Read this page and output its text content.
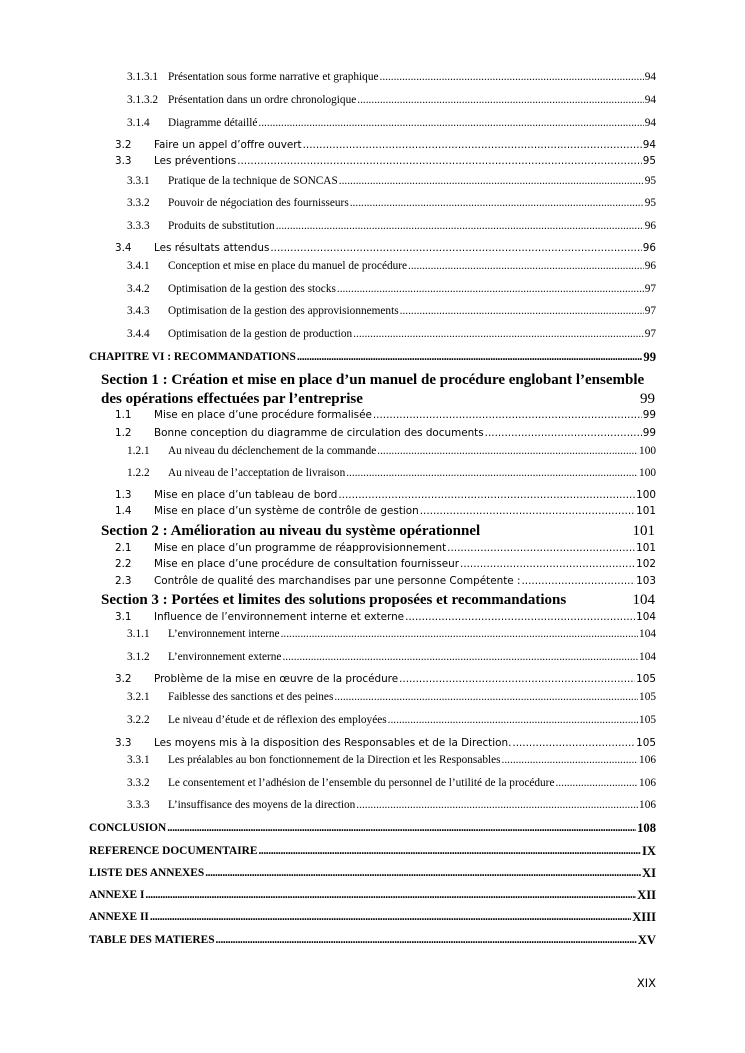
3.1.3.1 Présentation sous forme narrative et graphique .....	94
3.1.3.2 Présentation dans un ordre chronologique .....	94
3.1.4	Diagramme détaillé .....	94
3.2	Faire un appel d’offre ouvert .....	94
3.3	Les préventions .....	95
3.3.1	Pratique de la technique de SONCAS .....	95
3.3.2	Pouvoir de négociation des fournisseurs .....	95
3.3.3	Produits de substitution .....	96
3.4	Les résultats attendus .....	96
3.4.1	Conception et mise en place du manuel de procédure .....	96
3.4.2	Optimisation de la gestion des stocks .....	97
3.4.3	Optimisation de la gestion des approvisionnements .....	97
3.4.4	Optimisation de la gestion de production .....	97
CHAPITRE VI : RECOMMANDATIONS .....	99
Section 1 : Création et mise en place d’un manuel de procédure englobant l’ensemble
des opérations effectuées par l’entreprise	99
1.1	Mise en place d’une procédure formalisée .....	99
1.2	Bonne conception du diagramme de circulation des documents .....	99
1.2.1	Au niveau du déclenchement de la commande .....	100
1.2.2	Au niveau de l’acceptation de livraison .....	100
1.3	Mise en place d’un tableau de bord .....	100
1.4	Mise en place d’un système de contrôle de gestion .....	101
Section 2 : Amélioration au niveau du système opérationnel	101
2.1	Mise en place d’un programme de réapprovisionnement .....	101
2.2	Mise en place d’une procédure de consultation fournisseur .....	102
2.3	Contrôle de qualité des marchandises par une personne Compétente : .....	103
Section 3 : Portées et limites des solutions proposées et recommandations	104
3.1	Influence de l’environnement interne et externe .....	104
3.1.1	L’environnement interne .....	104
3.1.2	L’environnement externe .....	104
3.2	Problème de la mise en œuvre de la procédure .....	105
3.2.1	Faiblesse des sanctions et des peines .....	105
3.2.2	Le niveau d’étude et de réflexion des employées .....	105
3.3	Les moyens mis à la disposition des Responsables et de la Direction. .....	105
3.3.1	Les préalables au bon fonctionnement de la Direction et les Responsables .....	106
3.3.2	Le consentement et l’adhésion de l’ensemble du personnel de l’utilité de la procédure .....	106
3.3.3	L’insuffisance des moyens de la direction .....	106
CONCLUSION .....	108
REFERENCE DOCUMENTAIRE .....	IX
LISTE DES ANNEXES .....	XI
ANNEXE I .....	XII
ANNEXE II .....	XIII
TABLE DES MATIERES .....	XV
XIX
